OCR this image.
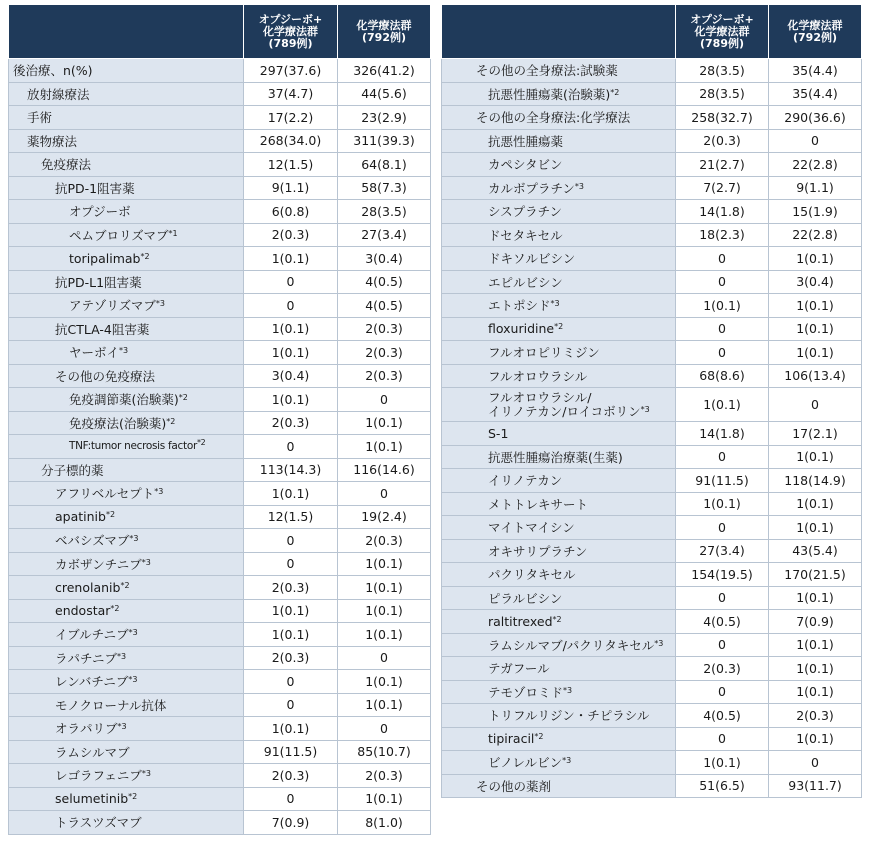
	オプジーボ+
化学療法群
(789例)	化学療法群
(792例)

後治療、n(%)	297(37.6)	326(41.2)
放射線療法	37(4.7)	44(5.6)
手術	17(2.2)	23(2.9)
薬物療法	268(34.0)	311(39.3)
免疫療法	12(1.5)	64(8.1)
抗PD-1阻害薬	9(1.1)	58(7.3)
オプジーボ	6(0.8)	28(3.5)
ペムブロリズマブ$^{*1}$	2(0.3)	27(3.4)
toripalimab$^{*2}$	1(0.1)	3(0.4)
抗PD-L1阻害薬	0	4(0.5)
アテゾリズマブ$^{*3}$	0	4(0.5)
抗CTLA-4阻害薬	1(0.1)	2(0.3)
ヤーボイ$^{*3}$	1(0.1)	2(0.3)
その他の免疫療法	3(0.4)	2(0.3)
免疫調節薬(治験薬)$^{*2}$	1(0.1)	0
免疫療法(治験薬)$^{*2}$	2(0.3)	1(0.1)
TNF:tumor necrosis factor$^{*2}$	0	1(0.1)
分子標的薬	113(14.3)	116(14.6)
アフリベルセプト$^{*3}$	1(0.1)	0
apatinib$^{*2}$	12(1.5)	19(2.4)
ベバシズマブ$^{*3}$	0	2(0.3)
カボザンチニブ$^{*3}$	0	1(0.1)
crenolanib$^{*2}$	2(0.3)	1(0.1)
endostar$^{*2}$	1(0.1)	1(0.1)
イブルチニブ$^{*3}$	1(0.1)	1(0.1)
ラパチニブ$^{*3}$	2(0.3)	0
レンバチニブ$^{*3}$	0	1(0.1)
モノクローナル抗体	0	1(0.1)
オラパリブ$^{*3}$	1(0.1)	0
ラムシルマブ	91(11.5)	85(10.7)
レゴラフェニブ$^{*3}$	2(0.3)	2(0.3)
selumetinib$^{*2}$	0	1(0.1)
トラスツズマブ	7(0.9)	8(1.0)

	オプジーボ+
化学療法群
(789例)	化学療法群
(792例)

その他の全身療法:試験薬	28(3.5)	35(4.4)
抗悪性腫瘍薬(治験薬)$^{*2}$	28(3.5)	35(4.4)
その他の全身療法:化学療法	258(32.7)	290(36.6)
抗悪性腫瘍薬	2(0.3)	0
カペシタビン	21(2.7)	22(2.8)
カルボプラチン$^{*3}$	7(2.7)	9(1.1)
シスプラチン	14(1.8)	15(1.9)
ドセタキセル	18(2.3)	22(2.8)
ドキソルビシン	0	1(0.1)
エピルビシン	0	3(0.4)
エトポシド$^{*3}$	1(0.1)	1(0.1)
floxuridine$^{*2}$	0	1(0.1)
フルオロピリミジン	0	1(0.1)
フルオロウラシル	68(8.6)	106(13.4)
フルオロウラシル/
イリノテカン/ロイコボリン$^{*3}$	1(0.1)	0
S-1	14(1.8)	17(2.1)
抗悪性腫瘍治療薬(生薬)	0	1(0.1)
イリノテカン	91(11.5)	118(14.9)
メトトレキサート	1(0.1)	1(0.1)
マイトマイシン	0	1(0.1)
オキサリプラチン	27(3.4)	43(5.4)
パクリタキセル	154(19.5)	170(21.5)
ピラルビシン	0	1(0.1)
raltitrexed$^{*2}$	4(0.5)	7(0.9)
ラムシルマブ/パクリタキセル$^{*3}$	0	1(0.1)
テガフール	2(0.3)	1(0.1)
テモゾロミド$^{*3}$	0	1(0.1)
トリフルリジン・チピラシル	4(0.5)	2(0.3)
tipiracil$^{*2}$	0	1(0.1)
ビノレルビン$^{*3}$	1(0.1)	0
その他の薬剤	51(6.5)	93(11.7)
